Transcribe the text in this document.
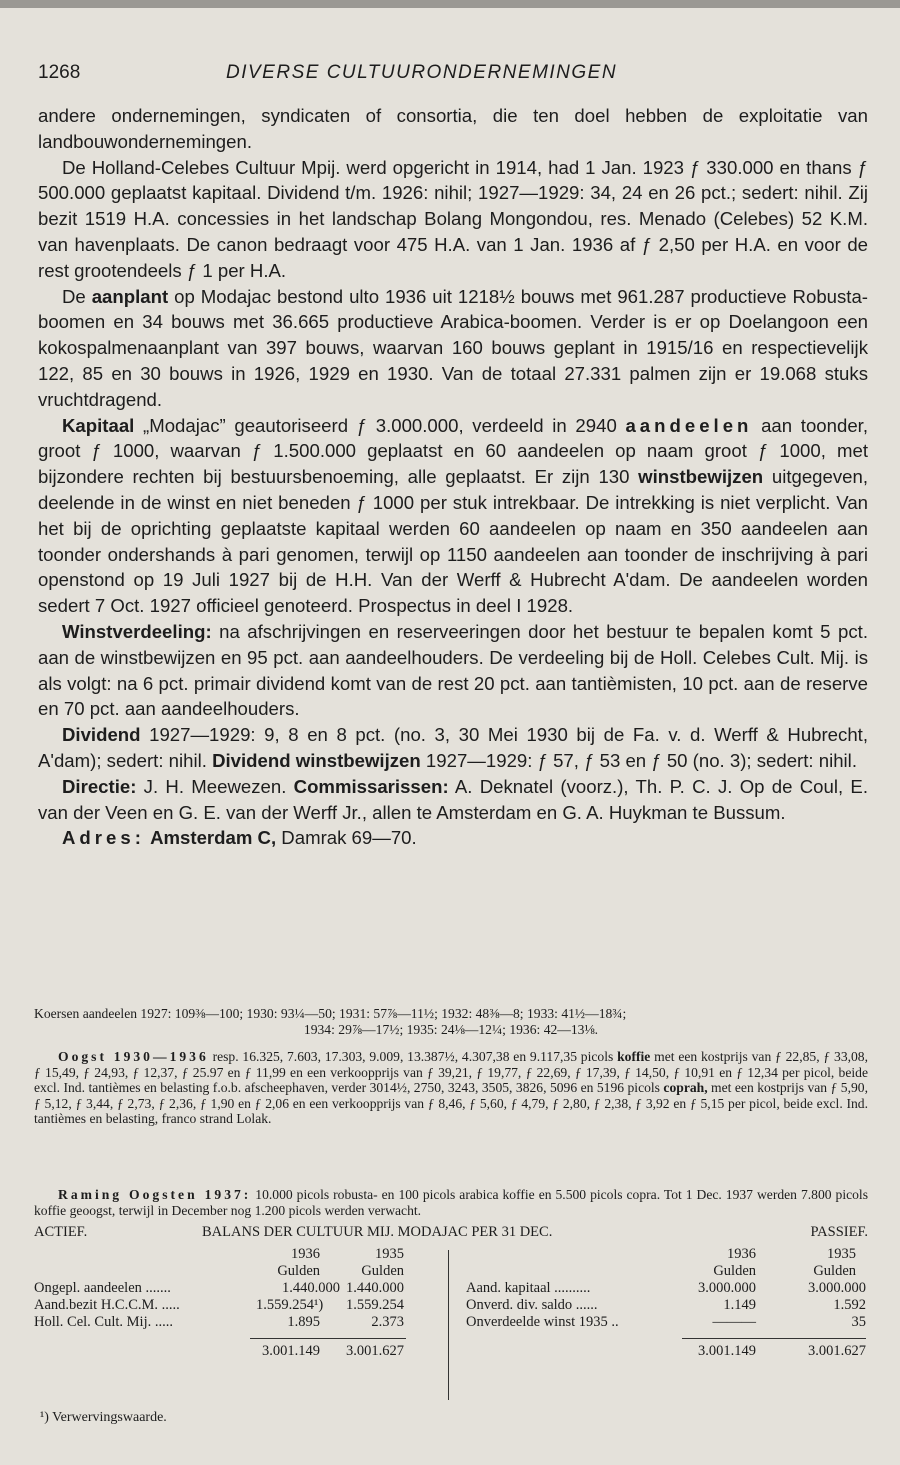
1268	DIVERSE CULTUURONDERNEMINGEN

andere ondernemingen, syndicaten of consortia, die ten doel hebben de exploitatie van landbouwondernemingen.

De Holland-Celebes Cultuur Mpij. werd opgericht in 1914, had 1 Jan. 1923 ƒ 330.000 en thans ƒ 500.000 geplaatst kapitaal. Dividend t/m. 1926: nihil; 1927—1929: 34, 24 en 26 pct.; sedert: nihil. Zij bezit 1519 H.A. concessies in het landschap Bolang Mongondou, res. Menado (Celebes) 52 K.M. van havenplaats. De canon bedraagt voor 475 H.A. van 1 Jan. 1936 af ƒ 2,50 per H.A. en voor de rest grootendeels ƒ 1 per H.A.

De aanplant op Modajac bestond ulto 1936 uit 1218½ bouws met 961.287 productieve Robusta-boomen en 34 bouws met 36.665 productieve Arabica-boomen. Verder is er op Doelangoon een kokospalmenaanplant van 397 bouws, waarvan 160 bouws geplant in 1915/16 en respectievelijk 122, 85 en 30 bouws in 1926, 1929 en 1930. Van de totaal 27.331 palmen zijn er 19.068 stuks vruchtdragend.

Kapitaal „Modajac” geautoriseerd ƒ 3.000.000, verdeeld in 2940 aandeelen aan toonder, groot ƒ 1000, waarvan ƒ 1.500.000 geplaatst en 60 aandeelen op naam groot ƒ 1000, met bijzondere rechten bij bestuursbenoeming, alle geplaatst. Er zijn 130 winstbewijzen uitgegeven, deelende in de winst en niet beneden ƒ 1000 per stuk intrekbaar. De intrekking is niet verplicht. Van het bij de oprichting geplaatste kapitaal werden 60 aandeelen op naam en 350 aandeelen aan toonder ondershands à pari genomen, terwijl op 1150 aandeelen aan toonder de inschrijving à pari openstond op 19 Juli 1927 bij de H.H. Van der Werff & Hubrecht A'dam. De aandeelen worden sedert 7 Oct. 1927 officieel genoteerd. Prospectus in deel I 1928.

Winstverdeeling: na afschrijvingen en reserveeringen door het bestuur te bepalen komt 5 pct. aan de winstbewijzen en 95 pct. aan aandeelhouders. De verdeeling bij de Holl. Celebes Cult. Mij. is als volgt: na 6 pct. primair dividend komt van de rest 20 pct. aan tantièmisten, 10 pct. aan de reserve en 70 pct. aan aandeelhouders.

Dividend 1927—1929: 9, 8 en 8 pct. (no. 3, 30 Mei 1930 bij de Fa. v. d. Werff & Hubrecht, A'dam); sedert: nihil. Dividend winstbewijzen 1927—1929: ƒ 57, ƒ 53 en ƒ 50 (no. 3); sedert: nihil.

Directie: J. H. Meewezen. Commissarissen: A. Deknatel (voorz.), Th. P. C. J. Op de Coul, E. van der Veen en G. E. van der Werff Jr., allen te Amsterdam en G. A. Huykman te Bussum.

Adres: Amsterdam C, Damrak 69—70.

Koersen aandeelen 1927: 109⅜—100; 1930: 93¼—50; 1931: 57⅞—11½; 1932: 48⅜—8; 1933: 41½—18¾;

1934: 29⅞—17½; 1935: 24⅛—12¼; 1936: 42—13⅛.

Oogst 1930—1936 resp. 16.325, 7.603, 17.303, 9.009, 13.387½, 4.307,38 en 9.117,35 picols koffie met een kostprijs van ƒ 22,85, ƒ 33,08, ƒ 15,49, ƒ 24,93, ƒ 12,37, ƒ 25.97 en ƒ 11,99 en een verkoopprijs van ƒ 39,21, ƒ 19,77, ƒ 22,69, ƒ 17,39, ƒ 14,50, ƒ 10,91 en ƒ 12,34 per picol, beide excl. Ind. tantièmes en belasting f.o.b. afscheephaven, verder 3014½, 2750, 3243, 3505, 3826, 5096 en 5196 picols coprah, met een kostprijs van ƒ 5,90, ƒ 5,12, ƒ 3,44, ƒ 2,73, ƒ 2,36, ƒ 1,90 en ƒ 2,06 en een verkoopprijs van ƒ 8,46, ƒ 5,60, ƒ 4,79, ƒ 2,80, ƒ 2,38, ƒ 3,92 en ƒ 5,15 per picol, beide excl. Ind. tantièmes en belasting, franco strand Lolak.

Raming Oogsten 1937: 10.000 picols robusta- en 100 picols arabica koffie en 5.500 picols copra. Tot 1 Dec. 1937 werden 7.800 picols koffie geoogst, terwijl in December nog 1.200 picols werden verwacht.

ACTIEF.	BALANS DER CULTUUR MIJ. MODAJAC PER 31 DEC.	PASSIEF.
1936	1935
Gulden	Gulden
1936	1935
Gulden	Gulden
Ongepl. aandeelen .......	1.440.000 1.440.000
Aand.bezit H.C.C.M. .....	1.559.254¹)	1.559.254
Holl. Cel. Cult. Mij. .....	1.895	2.373
Aand. kapitaal ..........	3.000.000	3.000.000
Onverd. div. saldo ......	1.149	1.592
Onverdeelde winst 1935 ..	———	35
3.001.149	3.001.627	3.001.149	3.001.627
¹) Verwervingswaarde.
